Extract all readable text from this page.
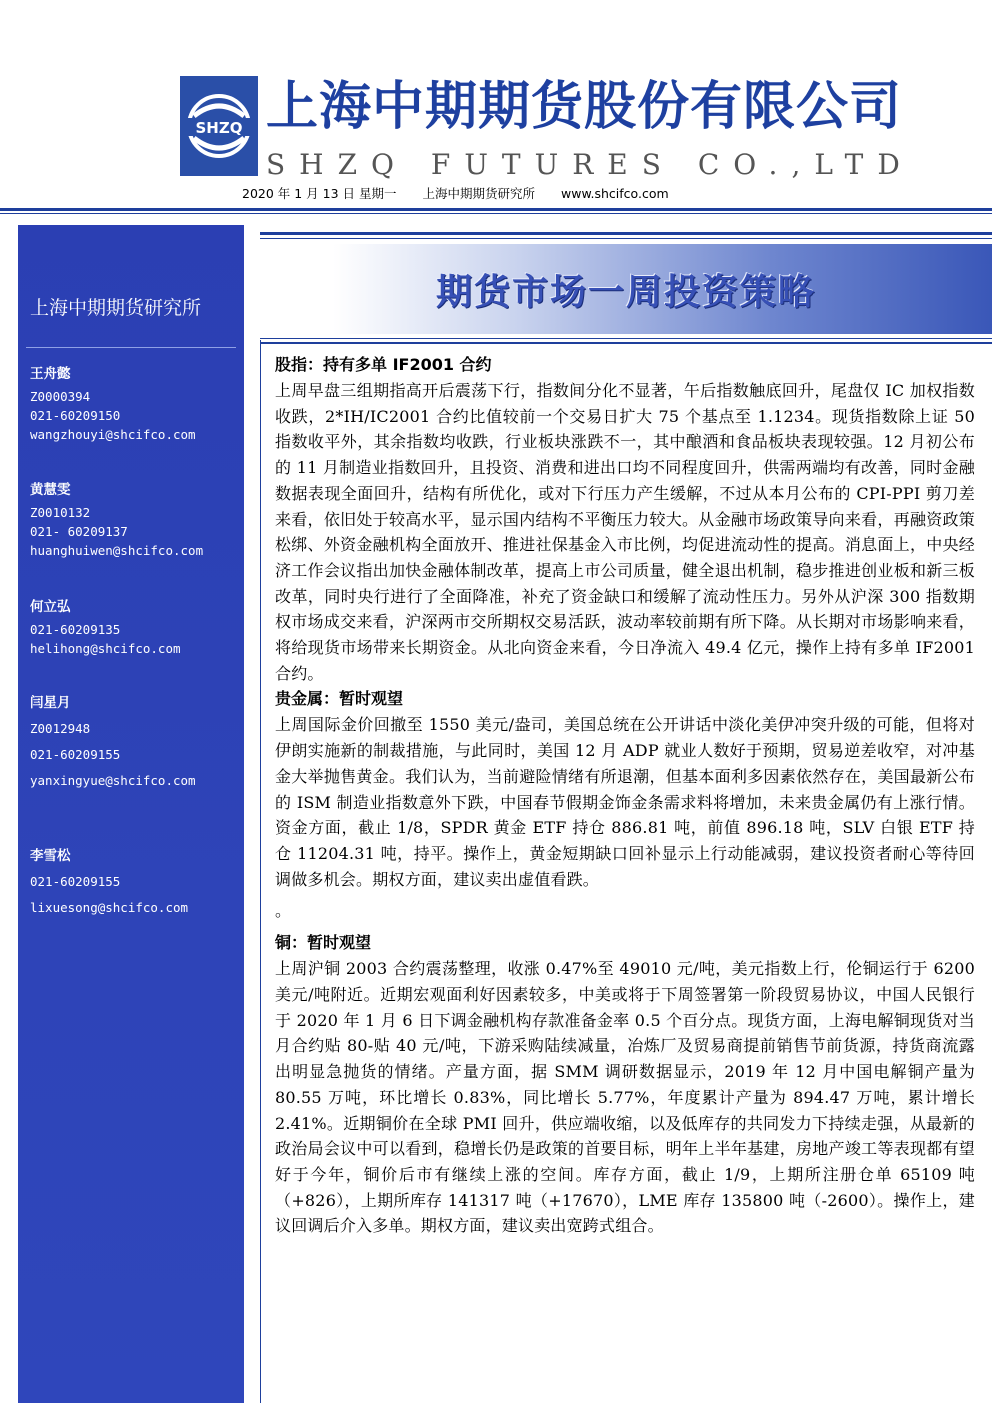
SHZQ 上海中期期货股份有限公司
SHZQ FUTURES CO.,LTD
2020 年 1 月 13 日 星期一 上海中期期货研究所 www.shcifco.com
上海中期期货研究所
王舟懿
Z0000394
021-60209150
wangzhouyi@shcifco.com
黄慧雯
Z0010132
021- 60209137
huanghuiwen@shcifco.com
何立弘
021-60209135
helihong@shcifco.com
闫星月
Z0012948
021-60209155
yanxingyue@shcifco.com
李雪松
021-60209155
lixuesong@shcifco.com
期货市场一周投资策略
股指：持有多单 IF2001 合约
上周早盘三组期指高开后震荡下行，指数间分化不显著，午后指数触底回升，尾盘仅 IC 加权指数收跌，2*IH/IC2001 合约比值较前一个交易日扩大 75 个基点至 1.1234。现货指数除上证 50 指数收平外，其余指数均收跌，行业板块涨跌不一，其中酿酒和食品板块表现较强。12 月初公布的 11 月制造业指数回升，且投资、消费和进出口均不同程度回升，供需两端均有改善，同时金融数据表现全面回升，结构有所优化，或对下行压力产生缓解，不过从本月公布的 CPI-PPI 剪刀差来看，依旧处于较高水平，显示国内结构不平衡压力较大。从金融市场政策导向来看，再融资政策松绑、外资金融机构全面放开、推进社保基金入市比例，均促进流动性的提高。消息面上，中央经济工作会议指出加快金融体制改革，提高上市公司质量，健全退出机制，稳步推进创业板和新三板改革，同时央行进行了全面降准，补充了资金缺口和缓解了流动性压力。另外从沪深 300 指数期权市场成交来看，沪深两市交所期权交易活跃，波动率较前期有所下降。从长期对市场影响来看，将给现货市场带来长期资金。从北向资金来看，今日净流入 49.4 亿元，操作上持有多单 IF2001 合约。
贵金属：暂时观望
上周国际金价回撤至 1550 美元/盎司，美国总统在公开讲话中淡化美伊冲突升级的可能，但将对伊朗实施新的制裁措施，与此同时，美国 12 月 ADP 就业人数好于预期，贸易逆差收窄，对冲基金大举抛售黄金。我们认为，当前避险情绪有所退潮，但基本面利多因素依然存在，美国最新公布的 ISM 制造业指数意外下跌，中国春节假期金饰金条需求料将增加，未来贵金属仍有上涨行情。资金方面，截止 1/8，SPDR 黄金 ETF 持仓 886.81 吨，前值 896.18 吨，SLV 白银 ETF 持仓 11204.31 吨，持平。操作上，黄金短期缺口回补显示上行动能减弱，建议投资者耐心等待回调做多机会。期权方面，建议卖出虚值看跌。
。
铜：暂时观望
上周沪铜 2003 合约震荡整理，收涨 0.47%至 49010 元/吨，美元指数上行，伦铜运行于 6200 美元/吨附近。近期宏观面利好因素较多，中美或将于下周签署第一阶段贸易协议，中国人民银行于 2020 年 1 月 6 日下调金融机构存款准备金率 0.5 个百分点。现货方面，上海电解铜现货对当月合约贴 80-贴 40 元/吨，下游采购陆续减量，冶炼厂及贸易商提前销售节前货源，持货商流露出明显急抛货的情绪。产量方面，据 SMM 调研数据显示，2019 年 12 月中国电解铜产量为 80.55 万吨，环比增长 0.83%，同比增长 5.77%，年度累计产量为 894.47 万吨，累计增长 2.41%。近期铜价在全球 PMI 回升，供应端收缩，以及低库存的共同发力下持续走强，从最新的政治局会议中可以看到，稳增长仍是政策的首要目标，明年上半年基建，房地产竣工等表现都有望好于今年，铜价后市有继续上涨的空间。库存方面，截止 1/9，上期所注册仓单 65109 吨（+826），上期所库存 141317 吨（+17670），LME 库存 135800 吨（-2600）。操作上，建议回调后介入多单。期权方面，建议卖出宽跨式组合。
